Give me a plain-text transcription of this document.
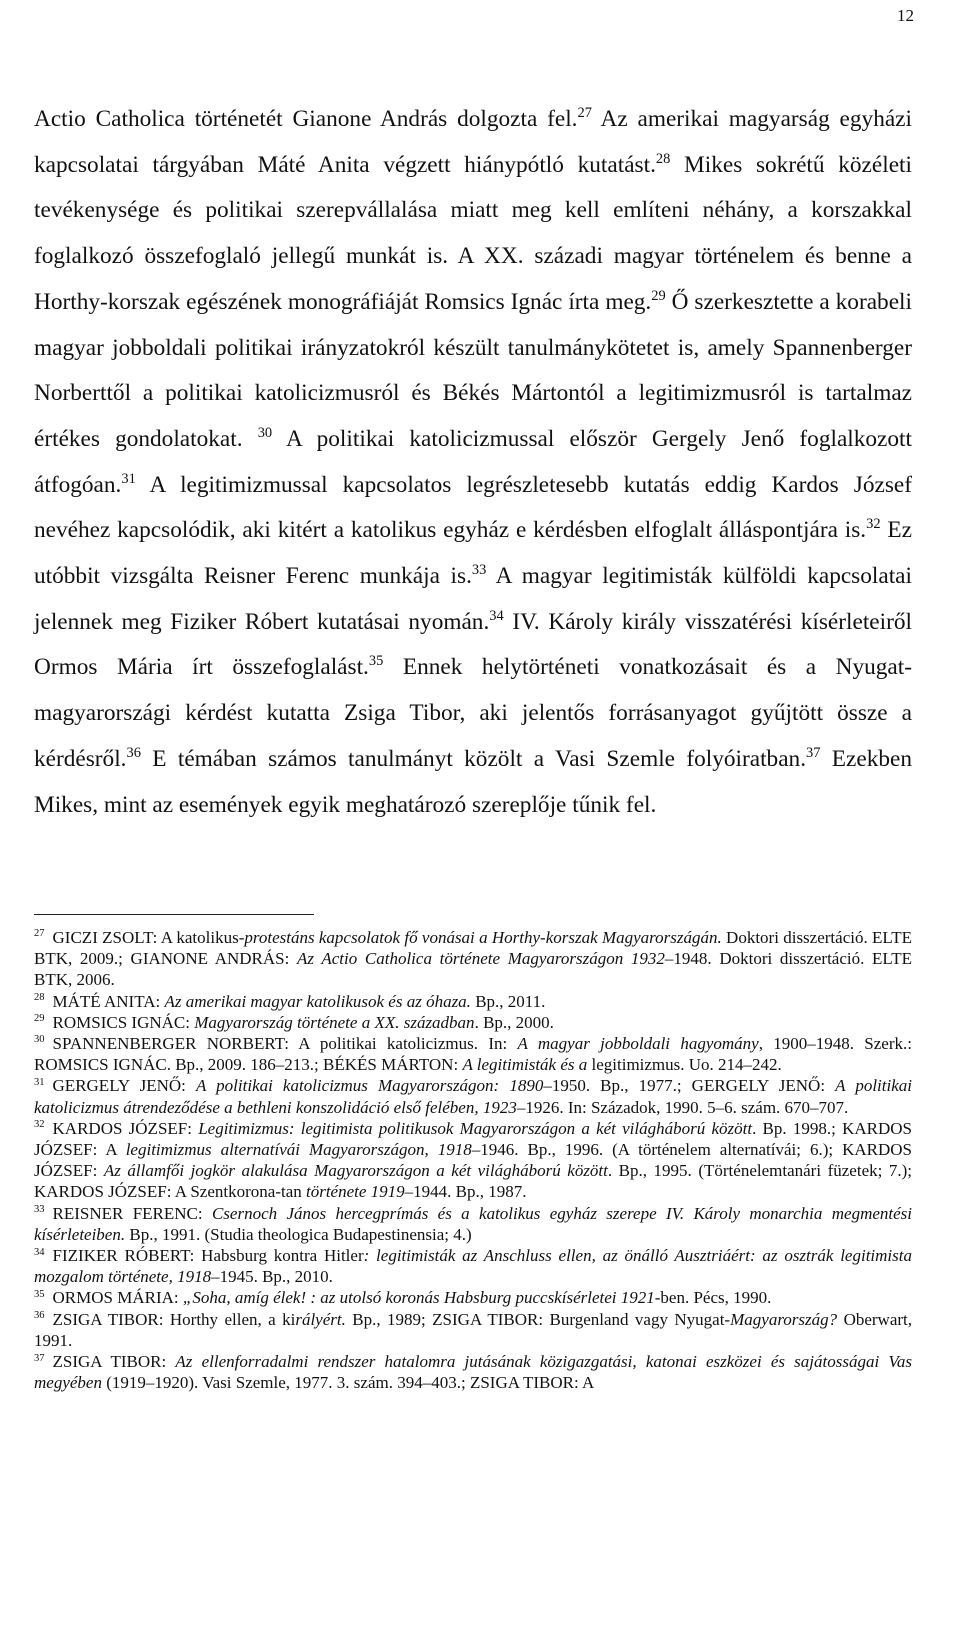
12

Actio Catholica történetét Gianone András dolgozta fel.$^{27}$ Az amerikai magyarság egyházi kapcsolatai tárgyában Máté Anita végzett hiánypótló kutatást.$^{28}$ Mikes sokrétű közéleti tevékenysége és politikai szerepvállalása miatt meg kell említeni néhány, a korszakkal foglalkozó összefoglaló jellegű munkát is. A XX. századi magyar történelem és benne a Horthy-korszak egészének monográfiáját Romsics Ignác írta meg.$^{29}$ Ő szerkesztette a korabeli magyar jobboldali politikai irányzatokról készült tanulmánykötetet is, amely Spannenberger Norberttől a politikai katolicizmusról és Békés Mártontól a legitimizmusról is tartalmaz értékes gondolatokat. $^{30}$ A politikai katolicizmussal először Gergely Jenő foglalkozott átfogóan.$^{31}$ A legitimizmussal kapcsolatos legrészletesebb kutatás eddig Kardos József nevéhez kapcsolódik, aki kitért a katolikus egyház e kérdésben elfoglalt álláspontjára is.$^{32}$ Ez utóbbit vizsgálta Reisner Ferenc munkája is.$^{33}$ A magyar legitimisták külföldi kapcsolatai jelennek meg Fiziker Róbert kutatásai nyomán.$^{34}$ IV. Károly király visszatérési kísérleteiről Ormos Mária írt összefoglalást.$^{35}$ Ennek helytörténeti vonatkozásait és a Nyugat-magyarországi kérdést kutatta Zsiga Tibor, aki jelentős forrásanyagot gyűjtött össze a kérdésről.$^{36}$ E témában számos tanulmányt közölt a Vasi Szemle folyóiratban.$^{37}$ Ezekben Mikes, mint az események egyik meghatározó szereplője tűnik fel.

$^{27}$ GICZI ZSOLT: A katolikus-protestáns kapcsolatok fő vonásai a Horthy-korszak Magyarországán. Doktori disszertáció. ELTE BTK, 2009.; GIANONE ANDRÁS: Az Actio Catholica története Magyarországon 1932–1948. Doktori disszertáció. ELTE BTK, 2006.

$^{28}$ MÁTÉ ANITA: Az amerikai magyar katolikusok és az óhaza. Bp., 2011.

$^{29}$ ROMSICS IGNÁC: Magyarország története a XX. században. Bp., 2000.

$^{30}$ SPANNENBERGER NORBERT: A politikai katolicizmus. In: A magyar jobboldali hagyomány, 1900–1948. Szerk.: ROMSICS IGNÁC. Bp., 2009. 186–213.; BÉKÉS MÁRTON: A legitimisták és a legitimizmus. Uo. 214–242.

$^{31}$ GERGELY JENŐ: A politikai katolicizmus Magyarországon: 1890–1950. Bp., 1977.; GERGELY JENŐ: A politikai katolicizmus átrendeződése a bethleni konszolidáció első felében, 1923–1926. In: Századok, 1990. 5–6. szám. 670–707.

$^{32}$ KARDOS JÓZSEF: Legitimizmus: legitimista politikusok Magyarországon a két világháború között. Bp. 1998.; KARDOS JÓZSEF: A legitimizmus alternatívái Magyarországon, 1918–1946. Bp., 1996. (A történelem alternatívái; 6.); KARDOS JÓZSEF: Az államfői jogkör alakulása Magyarországon a két világháború között. Bp., 1995. (Történelemtanári füzetek; 7.); KARDOS JÓZSEF: A Szentkorona-tan története 1919–1944. Bp., 1987.

$^{33}$ REISNER FERENC: Csernoch János hercegprímás és a katolikus egyház szerepe IV. Károly monarchia megmentési kísérleteiben. Bp., 1991. (Studia theologica Budapestinensia; 4.)

$^{34}$ FIZIKER RÓBERT: Habsburg kontra Hitler: legitimisták az Anschluss ellen, az önálló Ausztriáért: az osztrák legitimista mozgalom története, 1918–1945. Bp., 2010.

$^{35}$ ORMOS MÁRIA: „Soha, amíg élek! : az utolsó koronás Habsburg puccskísérletei 1921-ben. Pécs, 1990.

$^{36}$ ZSIGA TIBOR: Horthy ellen, a királyért. Bp., 1989; ZSIGA TIBOR: Burgenland vagy Nyugat-Magyarország? Oberwart, 1991.

$^{37}$ ZSIGA TIBOR: Az ellenforradalmi rendszer hatalomra jutásának közigazgatási, katonai eszközei és sajátosságai Vas megyében (1919–1920). Vasi Szemle, 1977. 3. szám. 394–403.; ZSIGA TIBOR: A
